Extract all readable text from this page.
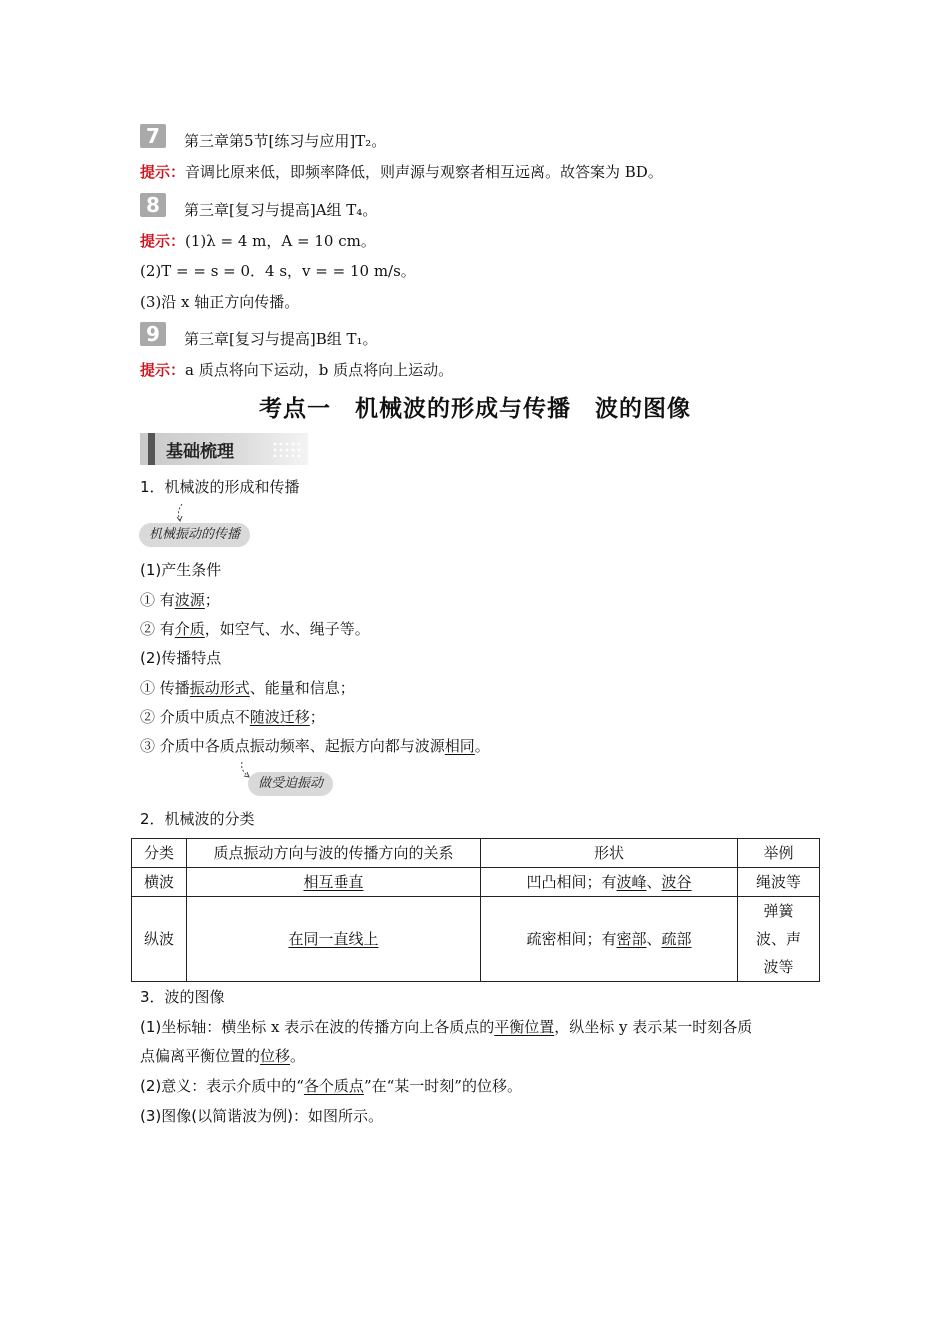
7	第三章第5节[练习与应用]T₂。
提示：音调比原来低，即频率降低，则声源与观察者相互远离。故答案为 BD。
8	第三章[复习与提高]A组 T₄。
提示：(1)λ = 4 m，A = 10 cm。
(2)T = = s = 0．4 s，v = = 10 m/s。
(3)沿 x 轴正方向传播。
9	第三章[复习与提高]B组 T₁。
提示：a 质点将向下运动，b 质点将向上运动。
考点一　机械波的形成与传播　波的图像
基础梳理
1．机械波的形成和传播
机械振动的传播
(1)产生条件
① 有波源；
② 有介质，如空气、水、绳子等。
(2)传播特点
① 传播振动形式、能量和信息；
② 介质中质点不随波迁移；
③ 介质中各质点振动频率、起振方向都与波源相同。
做受迫振动
2．机械波的分类
分类	质点振动方向与波的传播方向的关系	形状	举例
横波	相互垂直	凹凸相间；有波峰、波谷	绳波等
纵波	在同一直线上	疏密相间；有密部、疏部	弹簧
波、声
波等
3．波的图像
(1)坐标轴：横坐标 x 表示在波的传播方向上各质点的平衡位置，纵坐标 y 表示某一时刻各质
点偏离平衡位置的位移。
(2)意义：表示介质中的“各个质点”在“某一时刻”的位移。
(3)图像(以简谐波为例)：如图所示。
